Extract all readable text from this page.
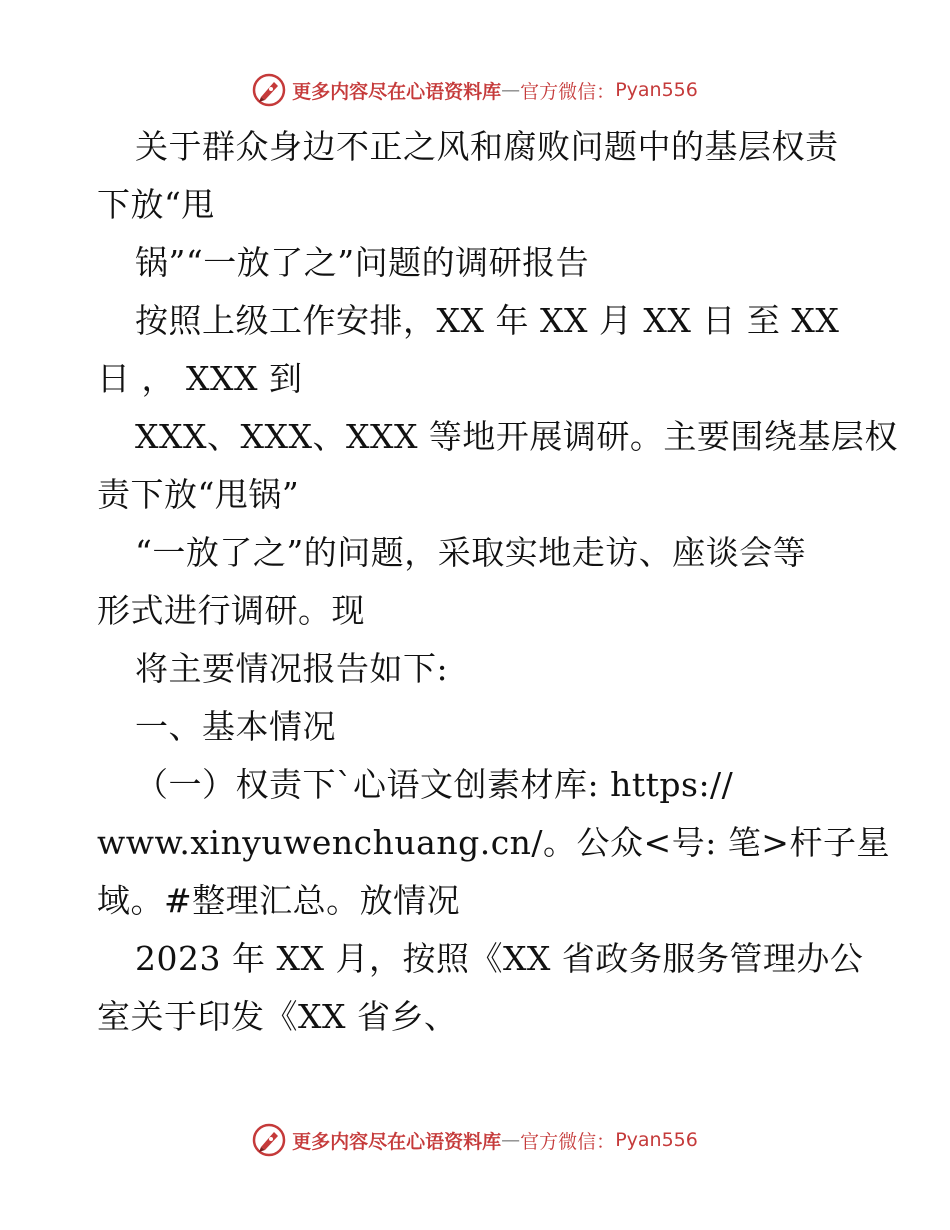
更多内容尽在心语资料库 — 官方微信： Pyan556
关于群众身边不正之风和腐败问题中的基层权责
下放“甩
锅”“一放了之”问题的调研报告
按照上级工作安排，XX 年 XX 月 XX 日 至 XX
日 ， XXX 到
XXX、XXX、XXX 等地开展调研。主要围绕基层权
责下放“甩锅”
“一放了之”的问题，采取实地走访、座谈会等
形式进行调研。现
将主要情况报告如下:
一、基本情况
（一）权责下`心语文创素材库: https://
www.xinyuwenchuang.cn/。公众<号: 笔>杆子星
域。#整理汇总。放情况
2023 年 XX 月，按照《XX 省政务服务管理办公
室关于印发《XX 省乡、
更多内容尽在心语资料库 — 官方微信： Pyan556
